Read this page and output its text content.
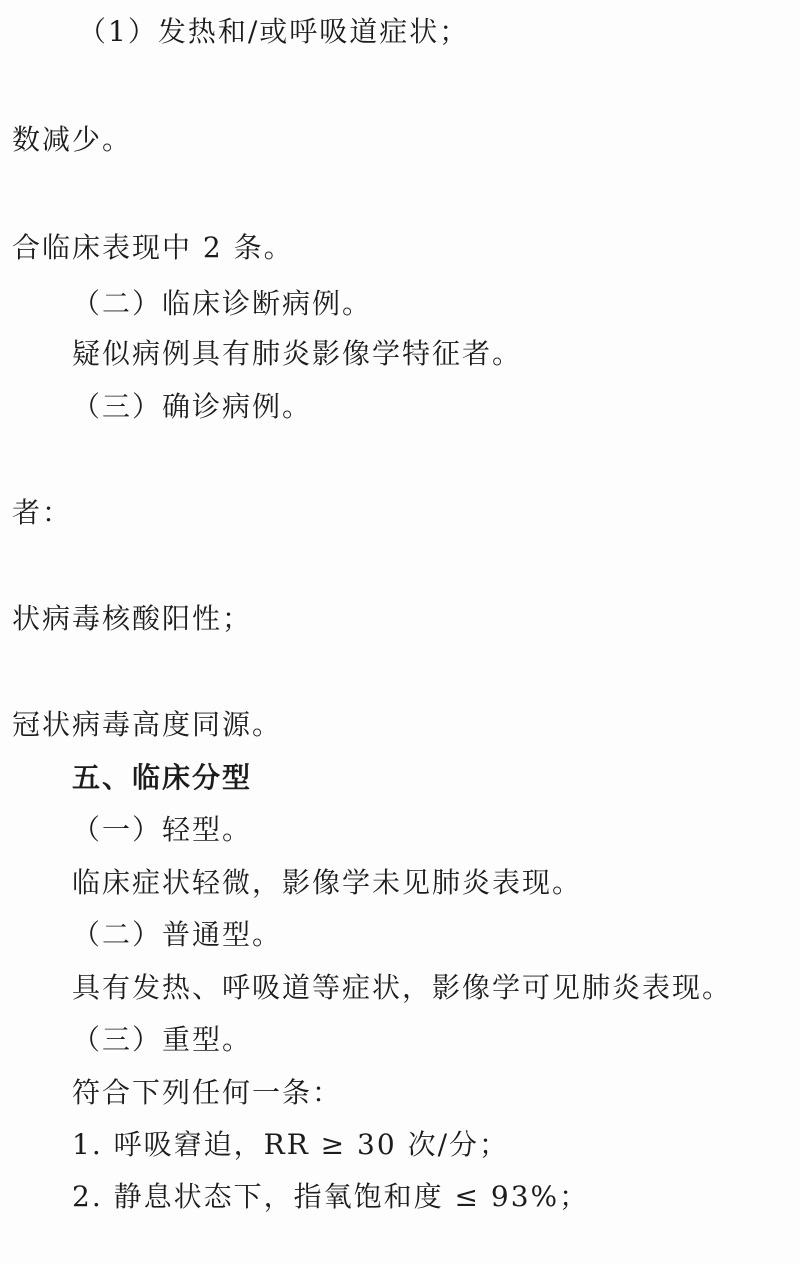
（1）发热和/或呼吸道症状；
数减少。
合临床表现中 2 条。
（二）临床诊断病例。
疑似病例具有肺炎影像学特征者。
（三）确诊病例。
者：
状病毒核酸阳性；
冠状病毒高度同源。
五、临床分型
（一）轻型。
临床症状轻微，影像学未见肺炎表现。
（二）普通型。
具有发热、呼吸道等症状，影像学可见肺炎表现。
（三）重型。
符合下列任何一条：
1. 呼吸窘迫，RR ≥ 30 次/分；
2. 静息状态下，指氧饱和度 ≤ 93%；
